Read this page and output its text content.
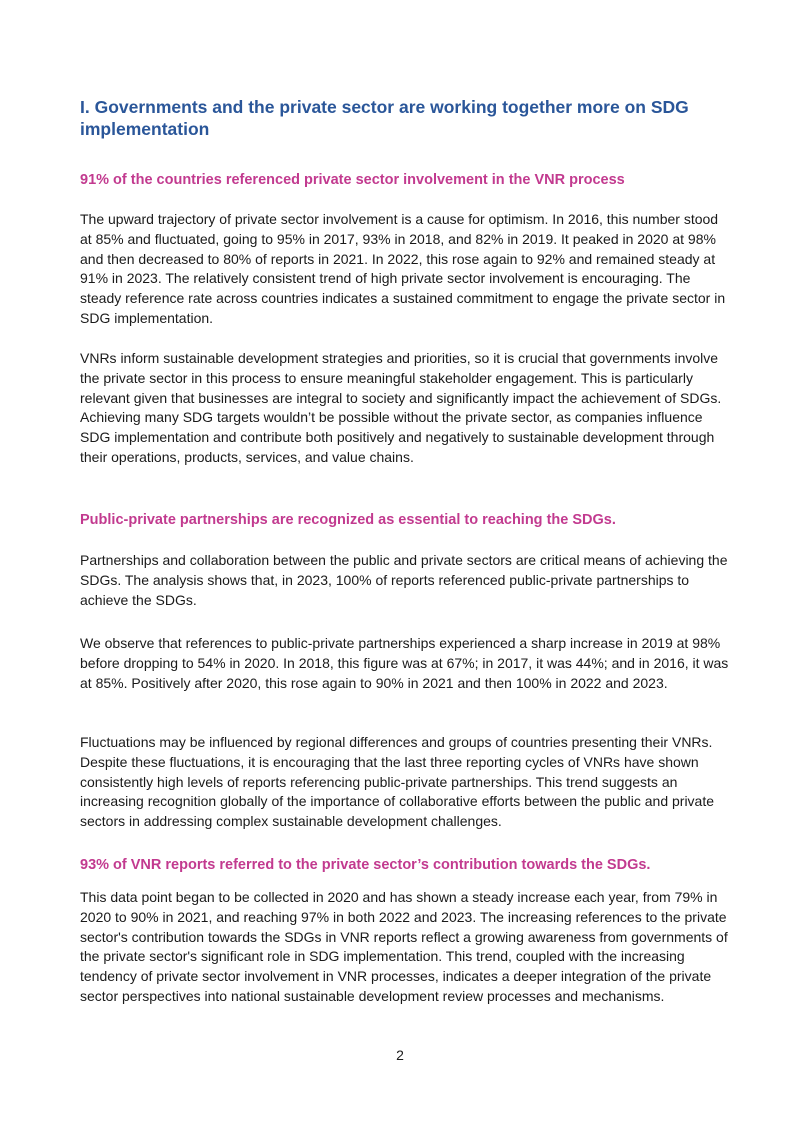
I. Governments and the private sector are working together more on SDG implementation
91% of the countries referenced private sector involvement in the VNR process

The upward trajectory of private sector involvement is a cause for optimism. In 2016, this number stood at 85% and fluctuated, going to 95% in 2017, 93% in 2018, and 82% in 2019. It peaked in 2020 at 98% and then decreased to 80% of reports in 2021. In 2022, this rose again to 92% and remained steady at 91% in 2023. The relatively consistent trend of high private sector involvement is encouraging. The steady reference rate across countries indicates a sustained commitment to engage the private sector in SDG implementation.

VNRs inform sustainable development strategies and priorities, so it is crucial that governments involve the private sector in this process to ensure meaningful stakeholder engagement. This is particularly relevant given that businesses are integral to society and significantly impact the achievement of SDGs. Achieving many SDG targets wouldn’t be possible without the private sector, as companies influence SDG implementation and contribute both positively and negatively to sustainable development through their operations, products, services, and value chains.

Public-private partnerships are recognized as essential to reaching the SDGs.

Partnerships and collaboration between the public and private sectors are critical means of achieving the SDGs. The analysis shows that, in 2023, 100% of reports referenced public-private partnerships to achieve the SDGs.

We observe that references to public-private partnerships experienced a sharp increase in 2019 at 98% before dropping to 54% in 2020. In 2018, this figure was at 67%; in 2017, it was 44%; and in 2016, it was at 85%. Positively after 2020, this rose again to 90% in 2021 and then 100% in 2022 and 2023.

Fluctuations may be influenced by regional differences and groups of countries presenting their VNRs. Despite these fluctuations, it is encouraging that the last three reporting cycles of VNRs have shown consistently high levels of reports referencing public-private partnerships. This trend suggests an increasing recognition globally of the importance of collaborative efforts between the public and private sectors in addressing complex sustainable development challenges.

93% of VNR reports referred to the private sector’s contribution towards the SDGs.

This data point began to be collected in 2020 and has shown a steady increase each year, from 79% in 2020 to 90% in 2021, and reaching 97% in both 2022 and 2023. The increasing references to the private sector's contribution towards the SDGs in VNR reports reflect a growing awareness from governments of the private sector's significant role in SDG implementation. This trend, coupled with the increasing tendency of private sector involvement in VNR processes, indicates a deeper integration of the private sector perspectives into national sustainable development review processes and mechanisms.

2
